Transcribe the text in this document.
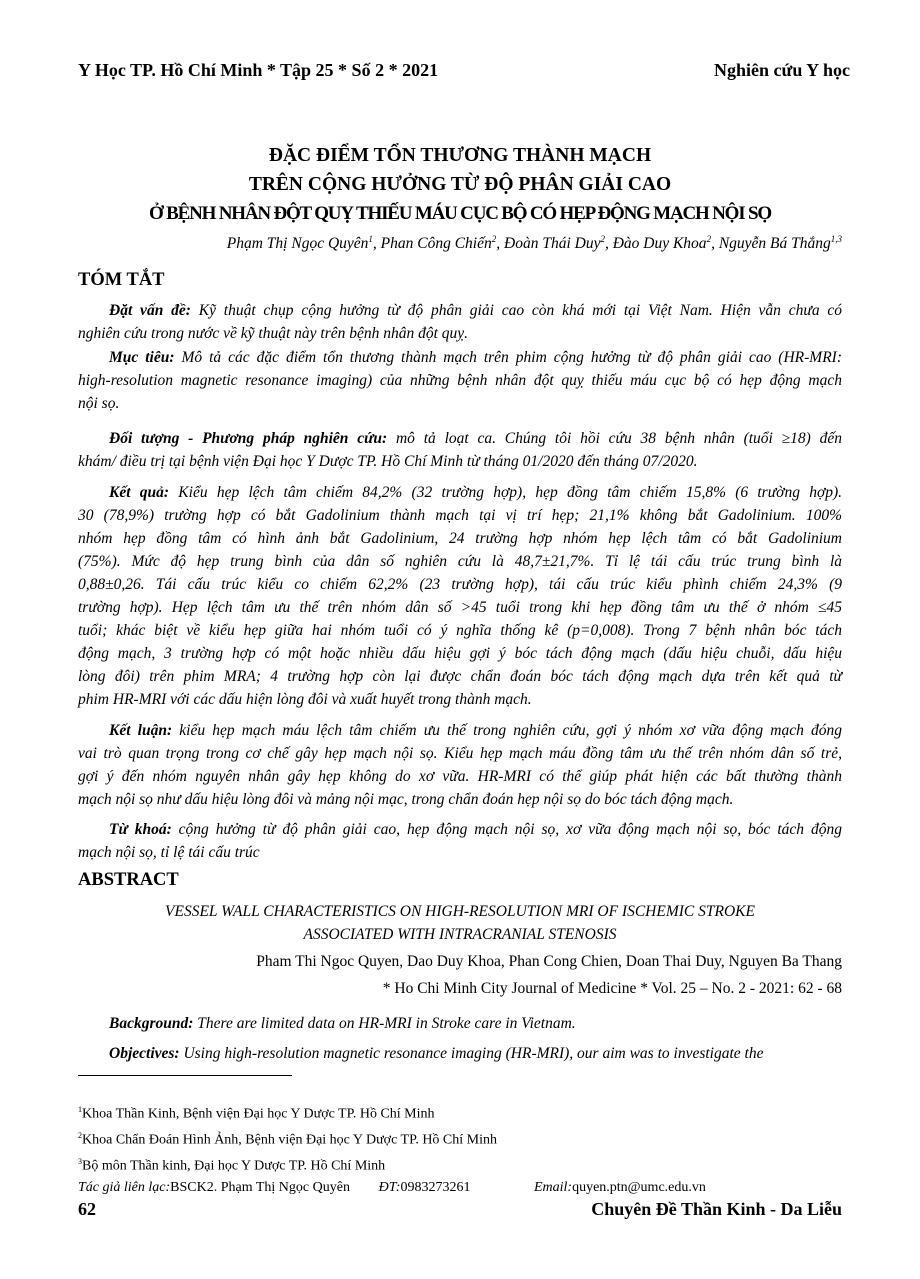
Y Học TP. Hồ Chí Minh * Tập 25 * Số 2 * 2021	Nghiên cứu Y học
ĐẶC ĐIỂM TỔN THƯƠNG THÀNH MẠCH
TRÊN CỘNG HƯỞNG TỪ ĐỘ PHÂN GIẢI CAO
Ở BỆNH NHÂN ĐỘT QUỴ THIẾU MÁU CỤC BỘ CÓ HẸP ĐỘNG MẠCH NỘI SỌ
Phạm Thị Ngọc Quyên$^1$, Phan Công Chiến$^2$, Đoàn Thái Duy$^2$, Đào Duy Khoa$^2$, Nguyễn Bá Thắng$^{1,3}$
TÓM TẮT
Đặt vấn đề: Kỹ thuật chụp cộng hưởng từ độ phân giải cao còn khá mới tại Việt Nam. Hiện vẫn chưa có
nghiên cứu trong nước về kỹ thuật này trên bệnh nhân đột quỵ.
Mục tiêu: Mô tả các đặc điểm tổn thương thành mạch trên phim cộng hưởng từ độ phân giải cao (HR-MRI:
high-resolution magnetic resonance imaging) của những bệnh nhân đột quỵ thiếu máu cục bộ có hẹp động mạch
nội sọ.
Đối tượng - Phương pháp nghiên cứu: mô tả loạt ca. Chúng tôi hồi cứu 38 bệnh nhân (tuổi ≥18) đến
khám/ điều trị tại bệnh viện Đại học Y Dược TP. Hồ Chí Minh từ tháng 01/2020 đến tháng 07/2020.
Kết quả: Kiểu hẹp lệch tâm chiếm 84,2% (32 trường hợp), hẹp đồng tâm chiếm 15,8% (6 trường hợp).
30 (78,9%) trường hợp có bắt Gadolinium thành mạch tại vị trí hẹp; 21,1% không bắt Gadolinium. 100%
nhóm hẹp đồng tâm có hình ảnh bắt Gadolinium, 24 trường hợp nhóm hẹp lệch tâm có bắt Gadolinium
(75%). Mức độ hẹp trung bình của dân số nghiên cứu là 48,7±21,7%. Tỉ lệ tái cấu trúc trung bình là
0,88±0,26. Tái cấu trúc kiểu co chiếm 62,2% (23 trường hợp), tái cấu trúc kiểu phình chiếm 24,3% (9
trường hợp). Hẹp lệch tâm ưu thế trên nhóm dân số >45 tuổi trong khi hẹp đồng tâm ưu thế ở nhóm ≤45
tuổi; khác biệt về kiểu hẹp giữa hai nhóm tuổi có ý nghĩa thống kê (p=0,008). Trong 7 bệnh nhân bóc tách
động mạch, 3 trường hợp có một hoặc nhiều dấu hiệu gợi ý bóc tách động mạch (dấu hiệu chuỗi, dấu hiệu
lòng đôi) trên phim MRA; 4 trường hợp còn lại được chẩn đoán bóc tách động mạch dựa trên kết quả từ
phim HR-MRI với các dấu hiện lòng đôi và xuất huyết trong thành mạch.
Kết luận: kiểu hẹp mạch máu lệch tâm chiếm ưu thế trong nghiên cứu, gợi ý nhóm xơ vữa động mạch đóng
vai trò quan trọng trong cơ chế gây hẹp mạch nội sọ. Kiểu hẹp mạch máu đồng tâm ưu thế trên nhóm dân số trẻ,
gợi ý đến nhóm nguyên nhân gây hẹp không do xơ vữa. HR-MRI có thể giúp phát hiện các bất thường thành
mạch nội sọ như dấu hiệu lòng đôi và mảng nội mạc, trong chẩn đoán hẹp nội sọ do bóc tách động mạch.
Từ khoá: cộng hưởng từ độ phân giải cao, hẹp động mạch nội sọ, xơ vữa động mạch nội sọ, bóc tách động
mạch nội sọ, tỉ lệ tái cấu trúc
ABSTRACT
VESSEL WALL CHARACTERISTICS ON HIGH-RESOLUTION MRI OF ISCHEMIC STROKE
ASSOCIATED WITH INTRACRANIAL STENOSIS
Pham Thi Ngoc Quyen, Dao Duy Khoa, Phan Cong Chien, Doan Thai Duy, Nguyen Ba Thang
* Ho Chi Minh City Journal of Medicine * Vol. 25 – No. 2 - 2021: 62 - 68
Background: There are limited data on HR-MRI in Stroke care in Vietnam.
Objectives: Using high-resolution magnetic resonance imaging (HR-MRI), our aim was to investigate the
$^1$Khoa Thần Kinh, Bệnh viện Đại học Y Dược TP. Hồ Chí Minh
$^2$Khoa Chẩn Đoán Hình Ảnh, Bệnh viện Đại học Y Dược TP. Hồ Chí Minh
$^3$Bộ môn Thần kinh, Đại học Y Dược TP. Hồ Chí Minh
Tác giả liên lạc:BSCK2. Phạm Thị Ngọc Quyên ĐT:0983273261	Email:quyen.ptn@umc.edu.vn
62	Chuyên Đề Thần Kinh - Da Liễu
